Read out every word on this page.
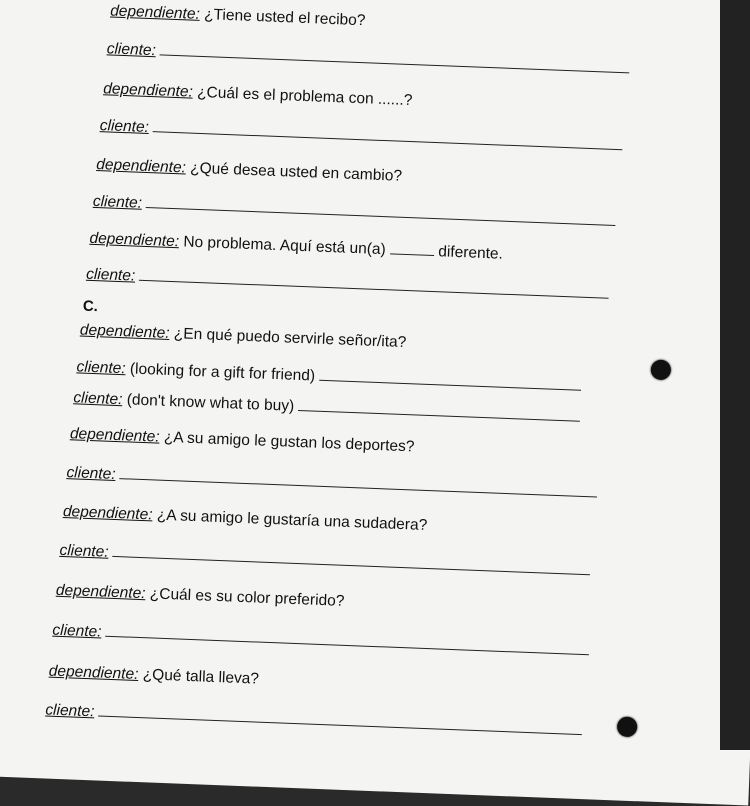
dependiente: ¿Tiene usted el recibo?
cliente:
dependiente: ¿Cuál es el problema con ......?
cliente:
dependiente: ¿Qué desea usted en cambio?
cliente:
dependiente: No problema. Aquí está un(a)	diferente.
cliente:
C.
dependiente: ¿En qué puedo servirle señor/ita?
cliente: (looking for a gift for friend)
cliente: (don't know what to buy)
dependiente: ¿A su amigo le gustan los deportes?
cliente:
dependiente: ¿A su amigo le gustaría una sudadera?
cliente:
dependiente: ¿Cuál es su color preferido?
cliente:
dependiente: ¿Qué talla lleva?
cliente:
